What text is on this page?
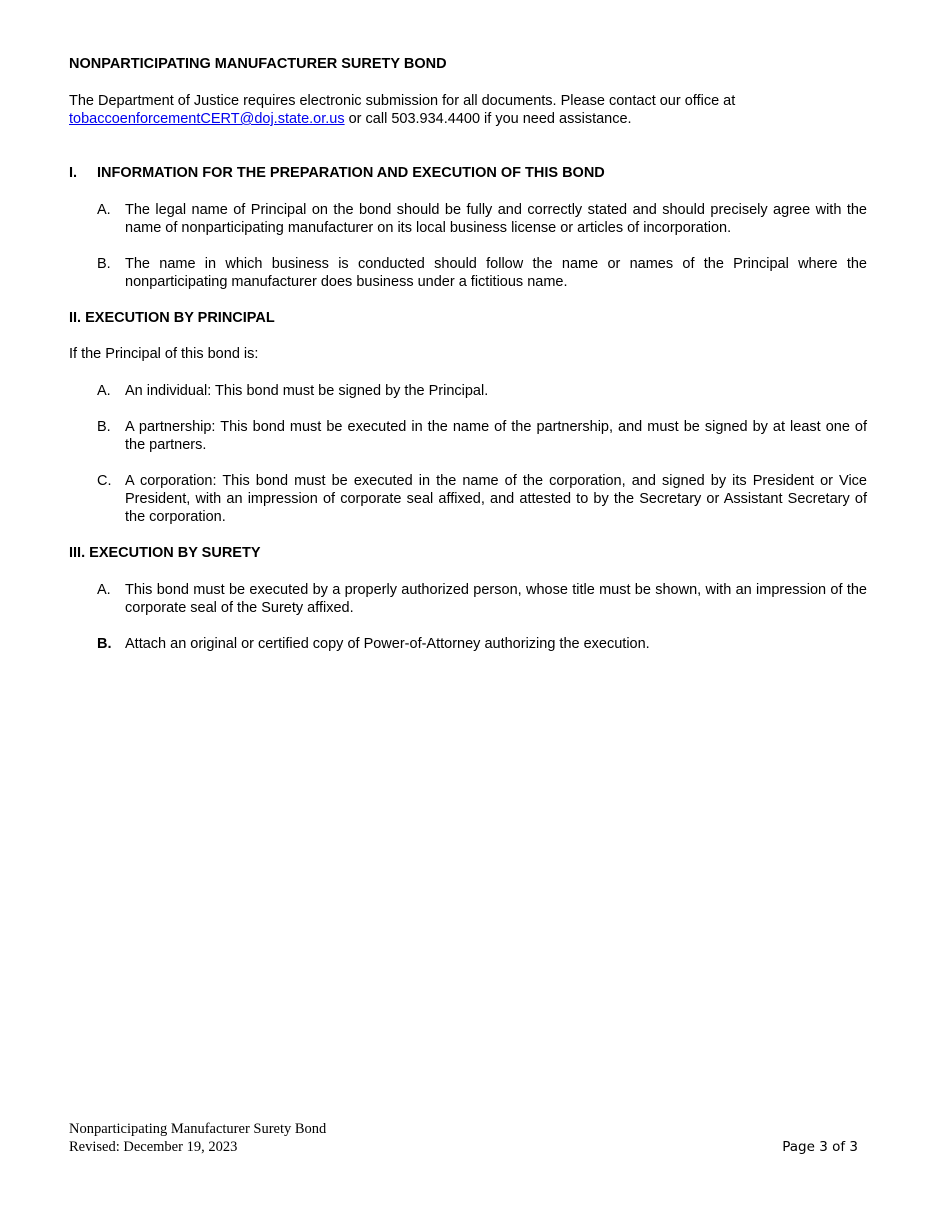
NONPARTICIPATING MANUFACTURER SURETY BOND

The Department of Justice requires electronic submission for all documents. Please contact our office at
tobaccoenforcementCERT@doj.state.or.us or call 503.934.4400 if you need assistance.
I. INFORMATION FOR THE PREPARATION AND EXECUTION OF THIS BOND
A. The legal name of Principal on the bond should be fully and correctly stated and should precisely agree with the name of nonparticipating manufacturer on its local business license or articles of incorporation.
B. The name in which business is conducted should follow the name or names of the Principal where the nonparticipating manufacturer does business under a fictitious name.
II. EXECUTION BY PRINCIPAL
If the Principal of this bond is:
A. An individual: This bond must be signed by the Principal.
B. A partnership: This bond must be executed in the name of the partnership, and must be signed by at least one of the partners.
C. A corporation: This bond must be executed in the name of the corporation, and signed by its President or Vice President, with an impression of corporate seal affixed, and attested to by the Secretary or Assistant Secretary of the corporation.
III. EXECUTION BY SURETY
A. This bond must be executed by a properly authorized person, whose title must be shown, with an impression of the corporate seal of the Surety affixed.
B. Attach an original or certified copy of Power-of-Attorney authorizing the execution.
Nonparticipating Manufacturer Surety Bond
Revised: December 19, 2023	Page 3 of 3
